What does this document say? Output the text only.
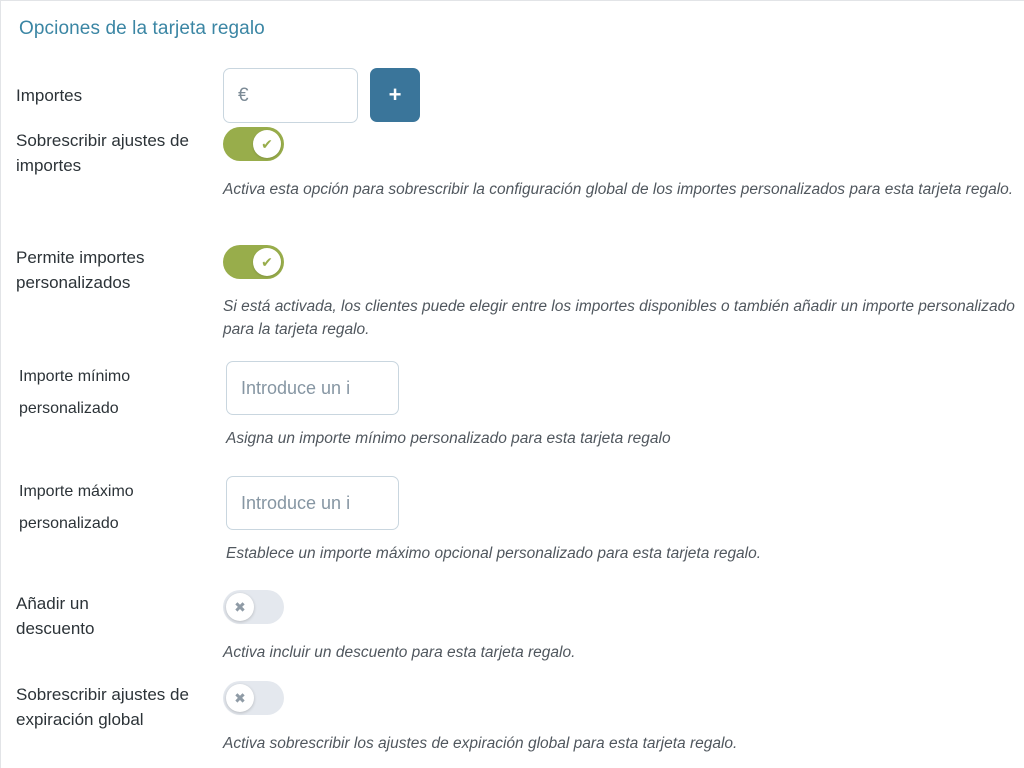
Opciones de la tarjeta regalo
Importes	€	+
Sobrescribir ajustes de importes
✔
Activa esta opción para sobrescribir la configuración global de los importes personalizados para esta tarjeta regalo.
Permite importes personalizados
✔
Si está activada, los clientes puede elegir entre los importes disponibles o también añadir un importe personalizado para la tarjeta regalo.
Importe mínimo personalizado
Introduce un i
Asigna un importe mínimo personalizado para esta tarjeta regalo
Importe máximo personalizado
Introduce un i
Establece un importe máximo opcional personalizado para esta tarjeta regalo.
Añadir un descuento
✖
Activa incluir un descuento para esta tarjeta regalo.
Sobrescribir ajustes de expiración global
✖
Activa sobrescribir los ajustes de expiración global para esta tarjeta regalo.
